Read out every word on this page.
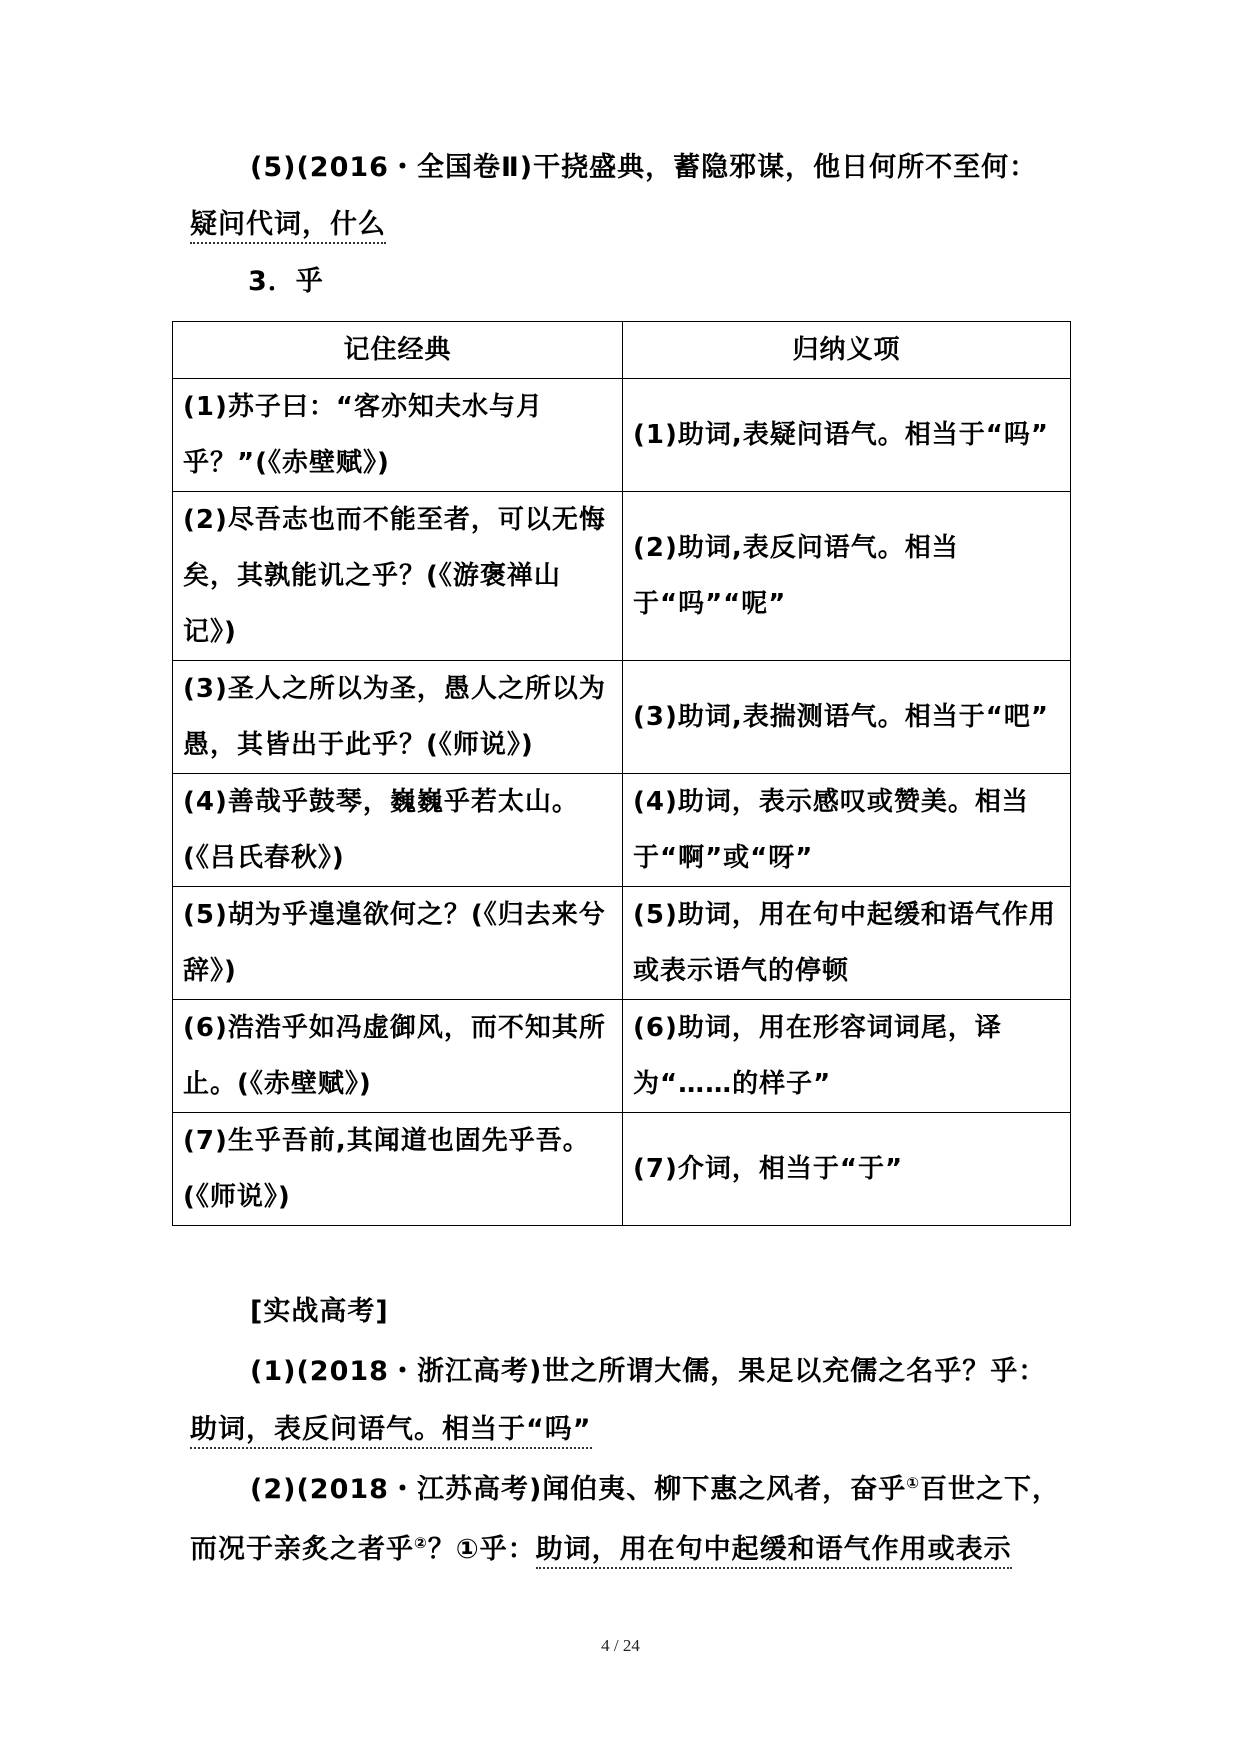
(5)(2016・全国卷Ⅱ)干挠盛典，蓄隐邪谋，他日何所不至何：
疑问代词，什么
3．乎
记住经典	归纳义项
(1)苏子曰：“客亦知夫水与月乎？”(《赤壁赋》)	(1)助词,表疑问语气。相当于“吗”
(2)尽吾志也而不能至者，可以无悔矣，其孰能讥之乎？(《游褒禅山记》)	(2)助词,表反问语气。相当于“吗”“呢”
(3)圣人之所以为圣，愚人之所以为愚，其皆出于此乎？(《师说》)	(3)助词,表揣测语气。相当于“吧”
(4)善哉乎鼓琴，巍巍乎若太山。(《吕氏春秋》)	(4)助词，表示感叹或赞美。相当于“啊”或“呀”
(5)胡为乎遑遑欲何之？(《归去来兮辞》)	(5)助词，用在句中起缓和语气作用或表示语气的停顿
(6)浩浩乎如冯虚御风，而不知其所止。(《赤壁赋》)	(6)助词，用在形容词词尾，译为“……的样子”
(7)生乎吾前,其闻道也固先乎吾。(《师说》)	(7)介词，相当于“于”
[实战高考]
(1)(2018・浙江高考)世之所谓大儒，果足以充儒之名乎？乎：
助词，表反问语气。相当于“吗”
(2)(2018・江苏高考)闻伯夷、柳下惠之风者，奋乎①百世之下，
而况于亲炙之者乎②？①乎：助词，用在句中起缓和语气作用或表示
4 / 24
